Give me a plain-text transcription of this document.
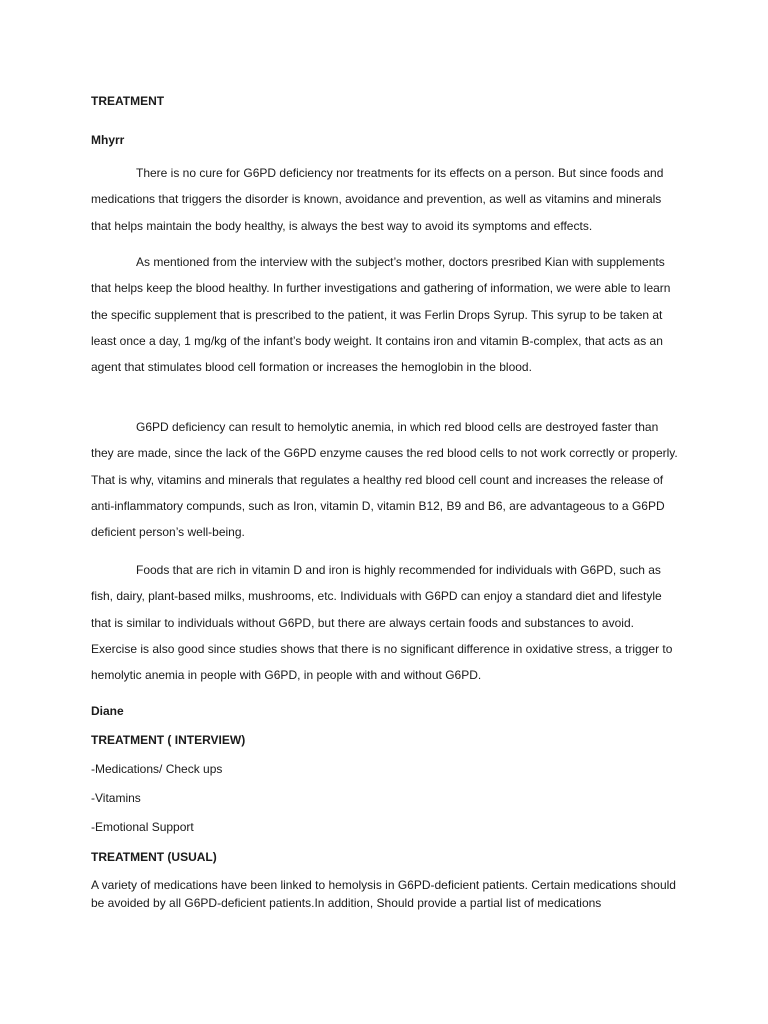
TREATMENT

Mhyrr

There is no cure for G6PD deficiency nor treatments for its effects on a person. But since foods and medications that triggers the disorder is known, avoidance and prevention, as well as vitamins and minerals that helps maintain the body healthy, is always the best way to avoid its symptoms and effects.

As mentioned from the interview with the subject’s mother, doctors presribed Kian with supplements that helps keep the blood healthy. In further investigations and gathering of information, we were able to learn the specific supplement that is prescribed to the patient, it was Ferlin Drops Syrup. This syrup to be taken at least once a day, 1 mg/kg of the infant’s body weight. It contains iron and vitamin B-complex, that acts as an agent that stimulates blood cell formation or increases the hemoglobin in the blood.

G6PD deficiency can result to hemolytic anemia, in which red blood cells are destroyed faster than they are made, since the lack of the G6PD enzyme causes the red blood cells to not work correctly or properly. That is why, vitamins and minerals that regulates a healthy red blood cell count and increases the release of anti-inflammatory compunds, such as Iron, vitamin D, vitamin B12, B9 and B6, are advantageous to a G6PD deficient person’s well-being.

Foods that are rich in vitamin D and iron is highly recommended for individuals with G6PD, such as fish, dairy, plant-based milks, mushrooms, etc. Individuals with G6PD can enjoy a standard diet and lifestyle that is similar to individuals without G6PD, but there are always certain foods and substances to avoid. Exercise is also good since studies shows that there is no significant difference in oxidative stress, a trigger to hemolytic anemia in people with G6PD, in people with and without G6PD.

Diane

TREATMENT ( INTERVIEW)

-Medications/ Check ups

-Vitamins

-Emotional Support

TREATMENT (USUAL)

A variety of medications have been linked to hemolysis in G6PD-deficient patients. Certain medications should be avoided by all G6PD-deficient patients.In addition, Should provide a partial list of medications
